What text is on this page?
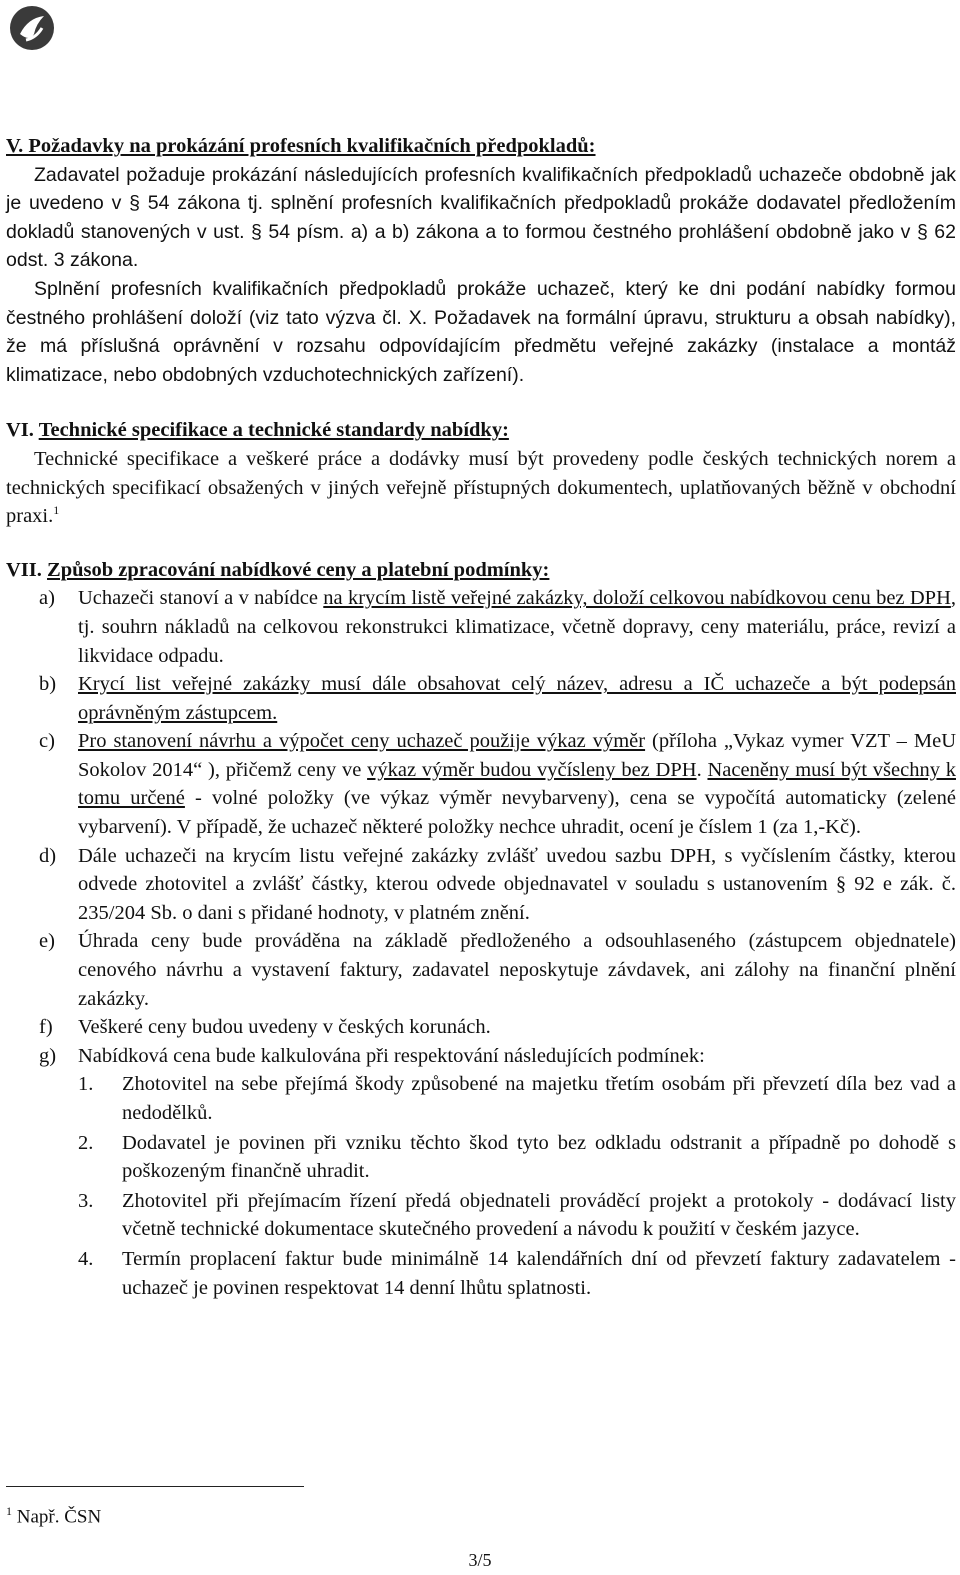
V. Požadavky na prokázání profesních kvalifikačních předpokladů:

Zadavatel požaduje prokázání následujících profesních kvalifikačních předpokladů uchazeče obdobně jak je uvedeno v § 54 zákona tj. splnění profesních kvalifikačních předpokladů prokáže dodavatel předložením dokladů stanovených v ust. § 54 písm. a) a b) zákona a to formou čestného prohlášení obdobně jako v § 62 odst. 3 zákona.

Splnění profesních kvalifikačních předpokladů prokáže uchazeč, který ke dni podání nabídky formou čestného prohlášení doloží (viz tato výzva čl. X. Požadavek na formální úpravu, strukturu a obsah nabídky), že má příslušná oprávnění v rozsahu odpovídajícím předmětu veřejné zakázky (instalace a montáž klimatizace, nebo obdobných vzduchotechnických zařízení).

VI. Technické specifikace a technické standardy nabídky:

Technické specifikace a veškeré práce a dodávky musí být provedeny podle českých technických norem a technických specifikací obsažených v jiných veřejně přístupných dokumentech, uplatňovaných běžně v obchodní praxi.$^1$

VII. Způsob zpracování nabídkové ceny a platební podmínky:

a) Uchazeči stanoví a v nabídce na krycím listě veřejné zakázky, doloží celkovou nabídkovou cenu bez DPH, tj. souhrn nákladů na celkovou rekonstrukci klimatizace, včetně dopravy, ceny materiálu, práce, revizí a likvidace odpadu.
b) Krycí list veřejné zakázky musí dále obsahovat celý název, adresu a IČ uchazeče a být podepsán oprávněným zástupcem.
c) Pro stanovení návrhu a výpočet ceny uchazeč použije výkaz výměr (příloha „Vykaz vymer VZT – MeU Sokolov 2014“ ), přičemž ceny ve výkaz výměr budou vyčísleny bez DPH. Naceněny musí být všechny k tomu určené - volné položky (ve výkaz výměr nevybarveny), cena se vypočítá automaticky (zelené vybarvení). V případě, že uchazeč některé položky nechce uhradit, ocení je číslem 1 (za 1,-Kč).
d) Dále uchazeči na krycím listu veřejné zakázky zvlášť uvedou sazbu DPH, s vyčíslením částky, kterou odvede zhotovitel a zvlášť částky, kterou odvede objednavatel v souladu s ustanovením § 92 e zák. č. 235/204 Sb. o dani s přidané hodnoty, v platném znění.
e) Úhrada ceny bude prováděna na základě předloženého a odsouhlaseného (zástupcem objednatele) cenového návrhu a vystavení faktury, zadavatel neposkytuje závdavek, ani zálohy na finanční plnění zakázky.
f) Veškeré ceny budou uvedeny v českých korunách.
g) Nabídková cena bude kalkulována při respektování následujících podmínek:
1. Zhotovitel na sebe přejímá škody způsobené na majetku třetím osobám při převzetí díla bez vad a nedodělků.
2. Dodavatel je povinen při vzniku těchto škod tyto bez odkladu odstranit a případně po dohodě s poškozeným finančně uhradit.
3. Zhotovitel při přejímacím řízení předá objednateli prováděcí projekt a protokoly - dodávací listy včetně technické dokumentace skutečného provedení a návodu k použití v českém jazyce.
4. Termín proplacení faktur bude minimálně 14 kalendářních dní od převzetí faktury zadavatelem - uchazeč je povinen respektovat 14 denní lhůtu splatnosti.
$^1$ Např. ČSN
3/5
